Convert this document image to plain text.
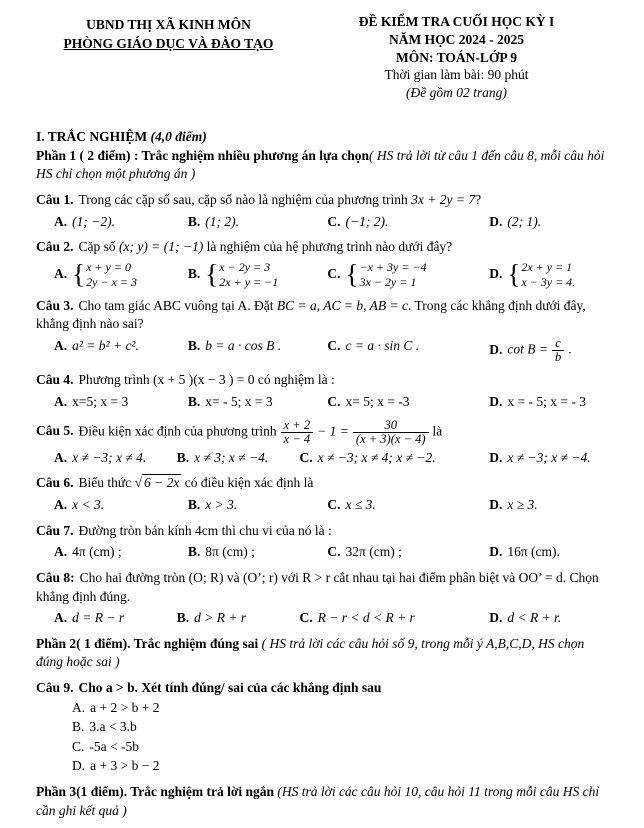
UBND THỊ XÃ KINH MÔN
PHÒNG GIÁO DỤC VÀ ĐÀO TẠO
ĐỀ KIỂM TRA CUỐI HỌC KỲ I
NĂM HỌC 2024 - 2025
MÔN: TOÁN-LỚP 9
Thời gian làm bài: 90 phút
(Đề gồm 02 trang)

I. TRẮC NGHIỆM (4,0 điểm)

Phần 1 ( 2 điểm) : Trắc nghiệm nhiều phương án lựa chọn( HS trả lời từ câu 1 đến câu 8, mỗi câu hỏi HS chỉ chọn một phương án )

Câu 1. Trong các cặp số sau, cặp số nào là nghiệm của phương trình 3x + 2y = 7?

A. (1; −2).	B. (1; 2).	C. (−1; 2).	D. (2; 1).

Câu 2. Cặp số (x; y) = (1; −1) là nghiệm của hệ phương trình nào dưới đây?

A. { x + y = 0
2y − x = 3
B. { x − 2y = 3
2x + y = −1
C. { −x + 3y = −4
3x − 2y = 1
D. { 2x + y = 1
x − 3y = 4.

Câu 3. Cho tam giác ABC vuông tại A. Đặt BC = a, AC = b, AB = c. Trong các khẳng định dưới đây, khẳng định nào sai?

A. a² = b² + c².	B. b = a · cos B .	C. c = a · sin C .	D. $\cot B = \frac{c}{b}$ .

Câu 4. Phương trình (x + 5 )(x − 3 ) = 0 có nghiệm là :

A. x=5; x = 3	B. x= - 5; x = 3	C. x= 5; x = -3	D. x = - 5; x = - 3

Câu 5. Điều kiện xác định của phương trình $\frac{x + 2}{x - 4} - 1 = \frac{30}{(x + 3)(x - 4)}$ là

A. x ≠ −3; x ≠ 4.	B. x ≠ 3; x ≠ −4.	C. x ≠ −3; x ≠ 4; x ≠ −2.	D. x ≠ −3; x ≠ −4.

Câu 6. Biểu thức √ 6 − 2x có điều kiện xác định là

A. x < 3.	B. x > 3.	C. x ≤ 3.	D. x ≥ 3.

Câu 7. Đường tròn bán kính 4cm thì chu vi của nó là :

A. 4π (cm) ;	B. 8π (cm) ;	C. 32π (cm) ;	D. 16π (cm).

Câu 8: Cho hai đường tròn (O; R) và (O’; r) với R > r cắt nhau tại hai điểm phân biệt và OO’ = d. Chọn khẳng định đúng.

A. d = R − r	B. d > R + r	C. R − r < d < R + r	D. d < R + r.

Phần 2( 1 điểm). Trắc nghiệm đúng sai ( HS trả lời các câu hỏi số 9, trong mỗi ý A,B,C,D, HS chọn đúng hoặc sai )

Câu 9. Cho a > b. Xét tính đúng/ sai của các khẳng định sau

A. a + 2 > b + 2

B. 3.a < 3.b

C. -5a < -5b

D. a + 3 > b − 2

Phần 3(1 điểm). Trắc nghiệm trả lời ngắn (HS trả lời các câu hỏi 10, câu hỏi 11 trong mỗi câu HS chỉ cần ghi kết quả )
